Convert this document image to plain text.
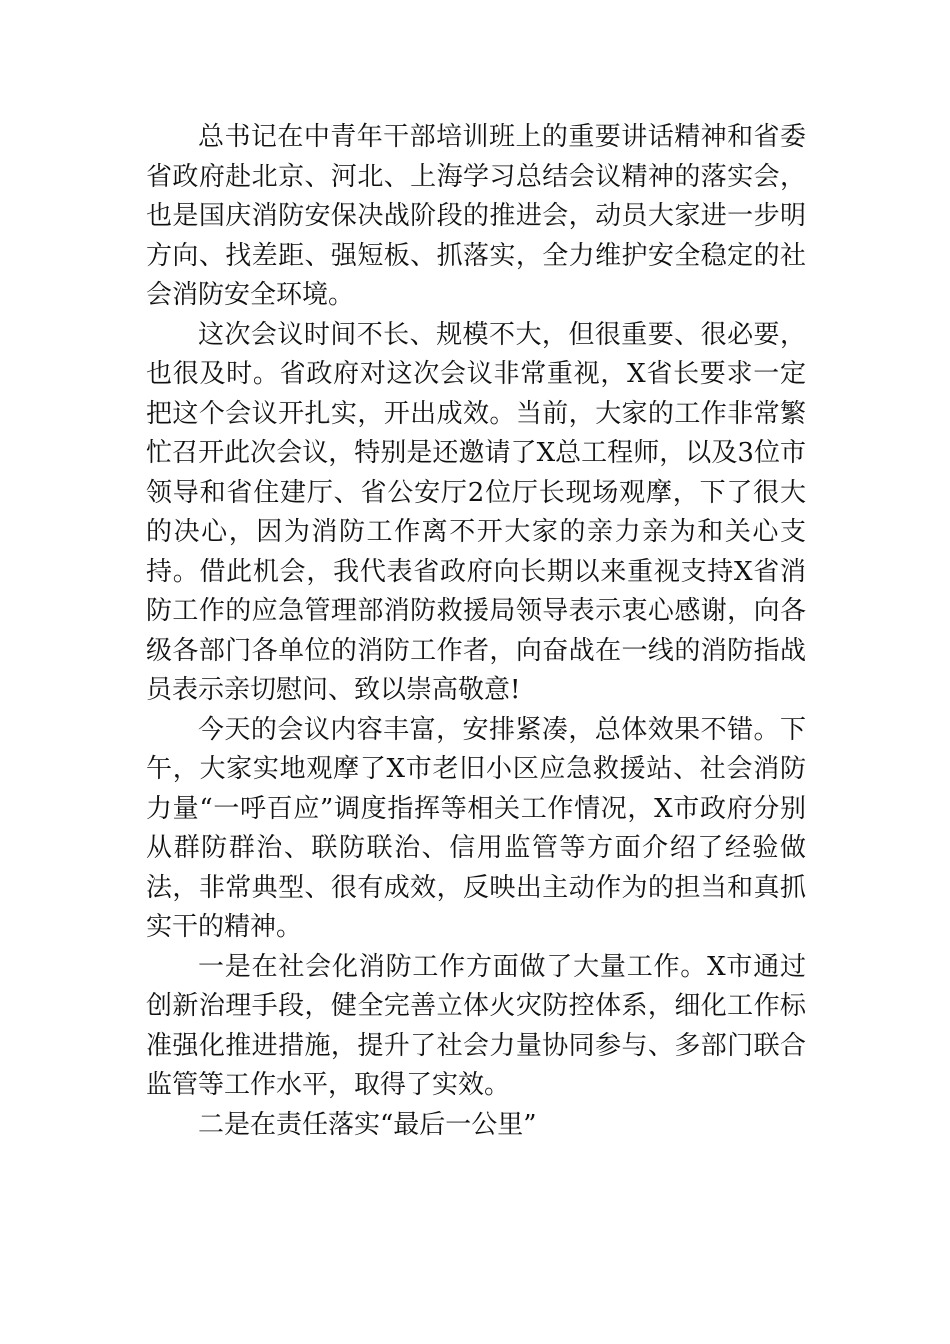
总书记在中青年干部培训班上的重要讲话精神和省委省政府赴北京、河北、上海学习总结会议精神的落实会，也是国庆消防安保决战阶段的推进会，动员大家进一步明方向、找差距、强短板、抓落实，全力维护安全稳定的社会消防安全环境。

这次会议时间不长、规模不大，但很重要、很必要，也很及时。省政府对这次会议非常重视，X省长要求一定把这个会议开扎实，开出成效。当前，大家的工作非常繁忙召开此次会议，特别是还邀请了X总工程师，以及3位市领导和省住建厅、省公安厅2位厅长现场观摩，下了很大的决心，因为消防工作离不开大家的亲力亲为和关心支持。借此机会，我代表省政府向长期以来重视支持X省消防工作的应急管理部消防救援局领导表示衷心感谢，向各级各部门各单位的消防工作者，向奋战在一线的消防指战员表示亲切慰问、致以崇高敬意!

今天的会议内容丰富，安排紧凑，总体效果不错。下午，大家实地观摩了X市老旧小区应急救援站、社会消防力量“一呼百应”调度指挥等相关工作情况，X市政府分别从群防群治、联防联治、信用监管等方面介绍了经验做法，非常典型、很有成效，反映出主动作为的担当和真抓实干的精神。

一是在社会化消防工作方面做了大量工作。X市通过创新治理手段，健全完善立体火灾防控体系，细化工作标准强化推进措施，提升了社会力量协同参与、多部门联合监管等工作水平，取得了实效。

二是在责任落实“最后一公里”
